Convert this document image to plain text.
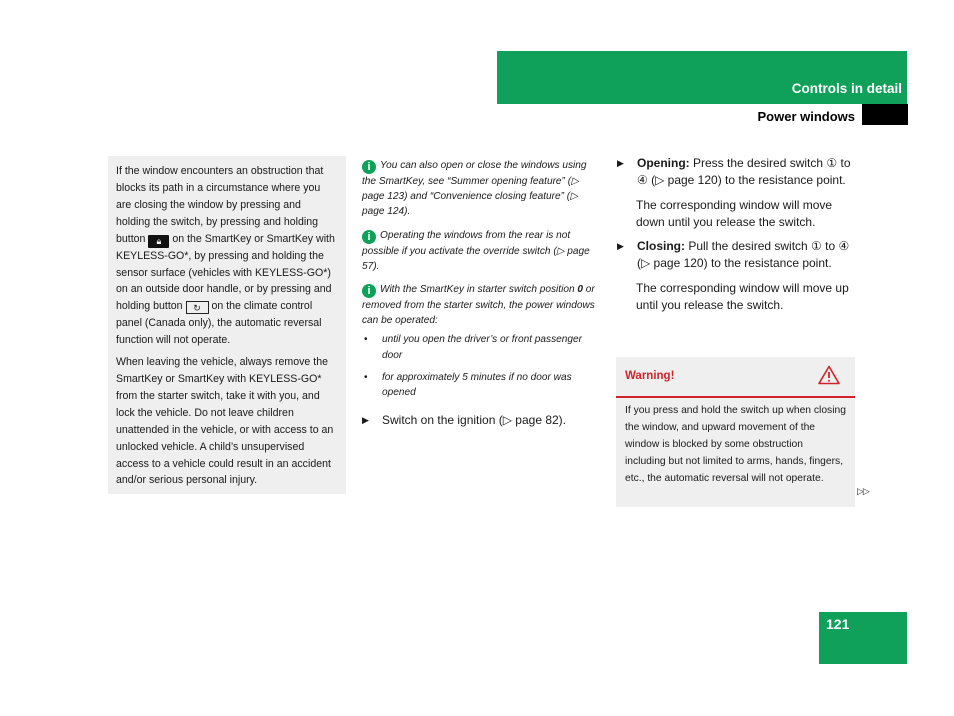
Controls in detail
Power windows

If the window encounters an obstruction that blocks its path in a circumstance where you are closing the window by pressing and holding the switch, by pressing and holding button 🔒︎ on the SmartKey or SmartKey with KEYLESS-GO*, by pressing and holding the sensor surface (vehicles with KEYLESS-GO*) on an outside door handle, or by pressing and holding button ↻ on the climate control panel (Canada only), the automatic reversal function will not operate.

When leaving the vehicle, always remove the SmartKey or SmartKey with KEYLESS-GO* from the starter switch, take it with you, and lock the vehicle. Do not leave children unattended in the vehicle, or with access to an unlocked vehicle. A child’s unsupervised access to a vehicle could result in an accident and/or serious personal injury.

i You can also open or close the windows using the SmartKey, see “Summer opening feature” (▷ page 123) and “Convenience closing feature” (▷ page 124).
i Operating the windows from the rear is not possible if you activate the override switch (▷ page 57).
i With the SmartKey in starter switch position 0 or removed from the starter switch, the power windows can be operated:
• until you open the driver’s or front passenger door
• for approximately 5 minutes if no door was opened
▶ Switch on the ignition (▷ page 82).
▶ Opening: Press the desired switch ① to ④ (▷ page 120) to the resistance point.
The corresponding window will move down until you release the switch.
▶ Closing: Pull the desired switch ① to ④ (▷ page 120) to the resistance point.
The corresponding window will move up until you release the switch.
Warning!
If you press and hold the switch up when closing the window, and upward movement of the window is blocked by some obstruction including but not limited to arms, hands, fingers, etc., the automatic reversal will not operate.
▷▷
121
